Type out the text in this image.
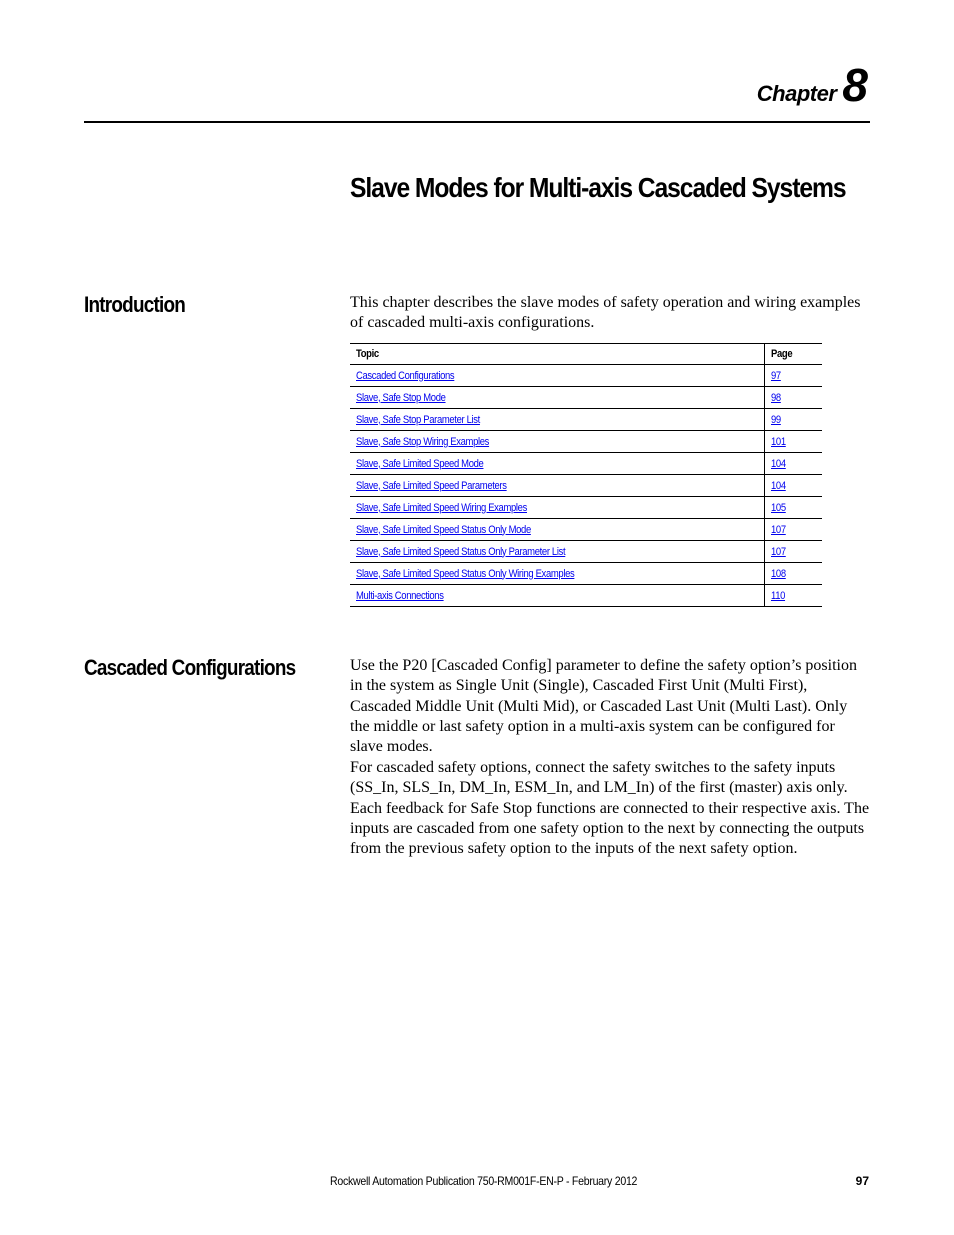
Chapter 8
Slave Modes for Multi-axis Cascaded Systems
Introduction	This chapter describes the slave modes of safety operation and wiring examples of cascaded multi-axis configurations.
Topic	Page
Cascaded Configurations	97
Slave, Safe Stop Mode	98
Slave, Safe Stop Parameter List	99
Slave, Safe Stop Wiring Examples	101
Slave, Safe Limited Speed Mode	104
Slave, Safe Limited Speed Parameters	104
Slave, Safe Limited Speed Wiring Examples	105
Slave, Safe Limited Speed Status Only Mode	107
Slave, Safe Limited Speed Status Only Parameter List	107
Slave, Safe Limited Speed Status Only Wiring Examples	108
Multi-axis Connections	110
Cascaded Configurations	Use the P20 [Cascaded Config] parameter to define the safety option’s position in the system as Single Unit (Single), Cascaded First Unit (Multi First), Cascaded Middle Unit (Multi Mid), or Cascaded Last Unit (Multi Last). Only the middle or last safety option in a multi-axis system can be configured for slave modes.
For cascaded safety options, connect the safety switches to the safety inputs (SS_In, SLS_In, DM_In, ESM_In, and LM_In) of the first (master) axis only. Each feedback for Safe Stop functions are connected to their respective axis. The inputs are cascaded from one safety option to the next by connecting the outputs from the previous safety option to the inputs of the next safety option.
Rockwell Automation Publication 750-RM001F-EN-P - February 2012	97
